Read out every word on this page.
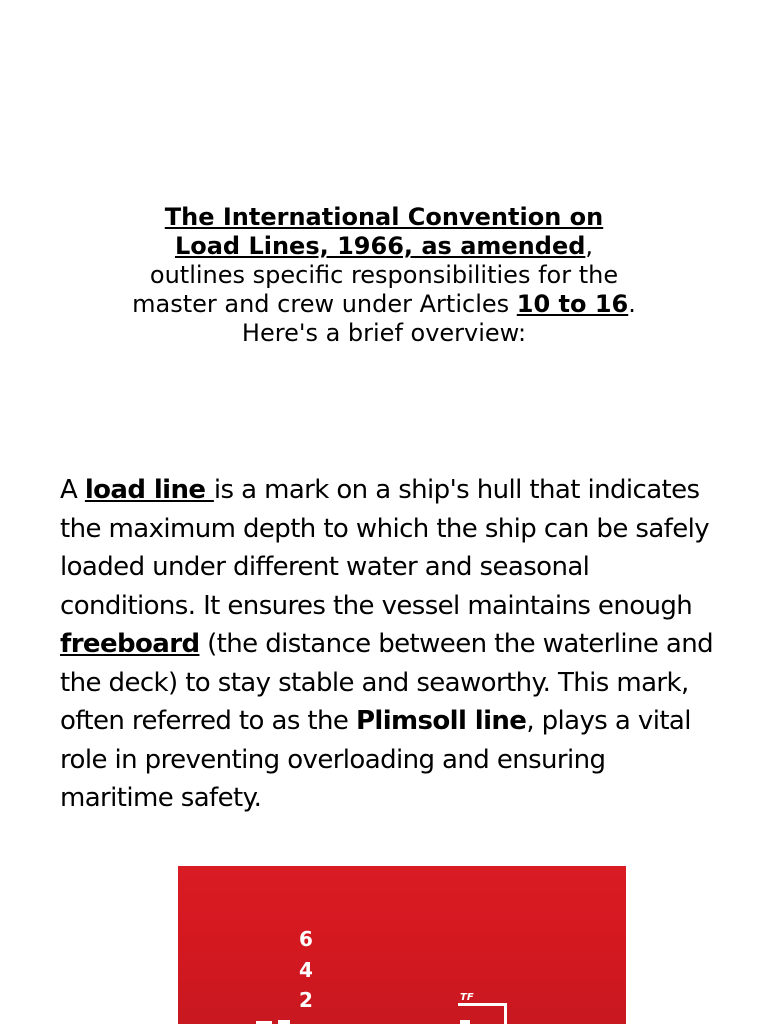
The International Convention on
Load Lines, 1966, as amended,
outlines specific responsibilities for the
master and crew under Articles 10 to 16.
Here's a brief overview:
A load line is a mark on a ship's hull that indicates the maximum depth to which the ship can be safely loaded under different water and seasonal conditions. It ensures the vessel maintains enough freeboard (the distance between the waterline and the deck) to stay stable and seaworthy. This mark, often referred to as the Plimsoll line, plays a vital role in preventing overloading and ensuring maritime safety.
6
4
2	TF
